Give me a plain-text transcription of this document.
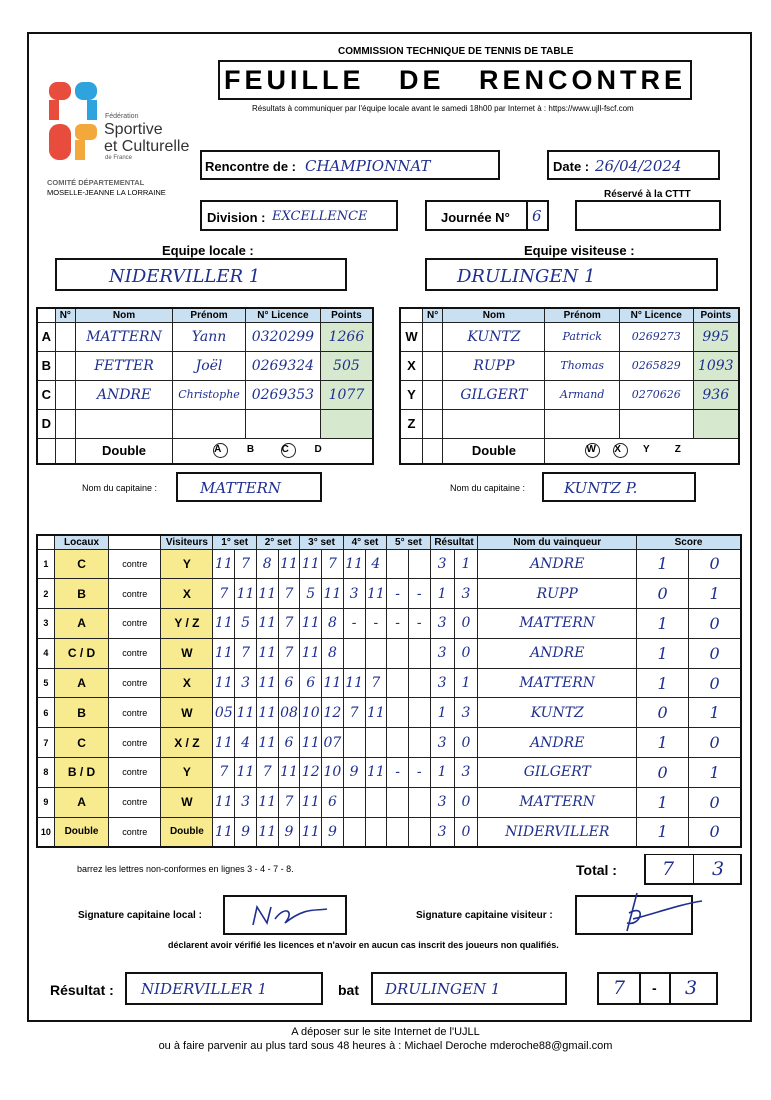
COMMISSION TECHNIQUE DE TENNIS DE TABLE
FEUILLE   DE   RENCONTRE
Résultats à communiquer par l'équipe locale avant le samedi 18h00 par Internet à : https://www.ujll-fscf.com
Fédération
Sportive
et Culturelle
de France
COMITÉ DÉPARTEMENTAL
MOSELLE-JEANNE LA LORRAINE
Rencontre de : CHAMPIONNAT	Date : 26/04/2024
Réservé à la CTTT
Division : EXCELLENCE	Journée N° 6
Equipe locale :	Equipe visiteuse :
NIDERVILLER 1	DRULINGEN 1
	N°	Nom	Prénom	N° Licence	Points
A		MATTERN	Yann	0320299	1266
B		FETTER	Joël	0269324	505
C		ANDRE	Christophe	0269353	1077
D					
		Double	A B C D		
	N°	Nom	Prénom	N° Licence	Points
W		KUNTZ	Patrick	0269273	995
X		RUPP	Thomas	0265829	1093
Y		GILGERT	Armand	0270626	936
Z					
		Double	W X Y Z		
Nom du capitaine :	MATTERN	Nom du capitaine :	KUNTZ P.
	Locaux		Visiteurs	1° set		2° set		3° set		4° set		5° set		Résultat		Nom du vainqueur	Score	
1	C	contre	Y	11	7	8	11	11	7	11	4			3	1	ANDRE	1	0
2	B	contre	X	7	11	11	7	5	11	3	11	-	-	1	3	RUPP	0	1
3	A	contre	Y / Z	11	5	11	7	11	8	-	-	-	-	3	0	MATTERN	1	0
4	C / D	contre	W	11	7	11	7	11	8					3	0	ANDRE	1	0
5	A	contre	X	11	3	11	6	6	11	11	7			3	1	MATTERN	1	0
6	B	contre	W	05	11	11	08	10	12	7	11			1	3	KUNTZ	0	1
7	C	contre	X / Z	11	4	11	6	11	07					3	0	ANDRE	1	0
8	B / D	contre	Y	7	11	7	11	12	10	9	11	-	-	1	3	GILGERT	0	1
9	A	contre	W	11	3	11	7	11	6					3	0	MATTERN	1	0
10	Double	contre	Double	11	9	11	9	11	9					3	0	NIDERVILLER	1	0
barrez les lettres non-conformes en lignes 3 - 4 - 7 - 8.	Total : 7 3
Signature capitaine local :	Signature capitaine visiteur :
déclarent avoir vérifié les licences et n'avoir en aucun cas inscrit des joueurs non qualifiés.
Résultat : NIDERVILLER 1	bat DRULINGEN 1	7 - 3
A déposer sur le site Internet de l'UJLL
ou à faire parvenir au plus tard sous 48 heures à : Michael Deroche mderoche88@gmail.com
